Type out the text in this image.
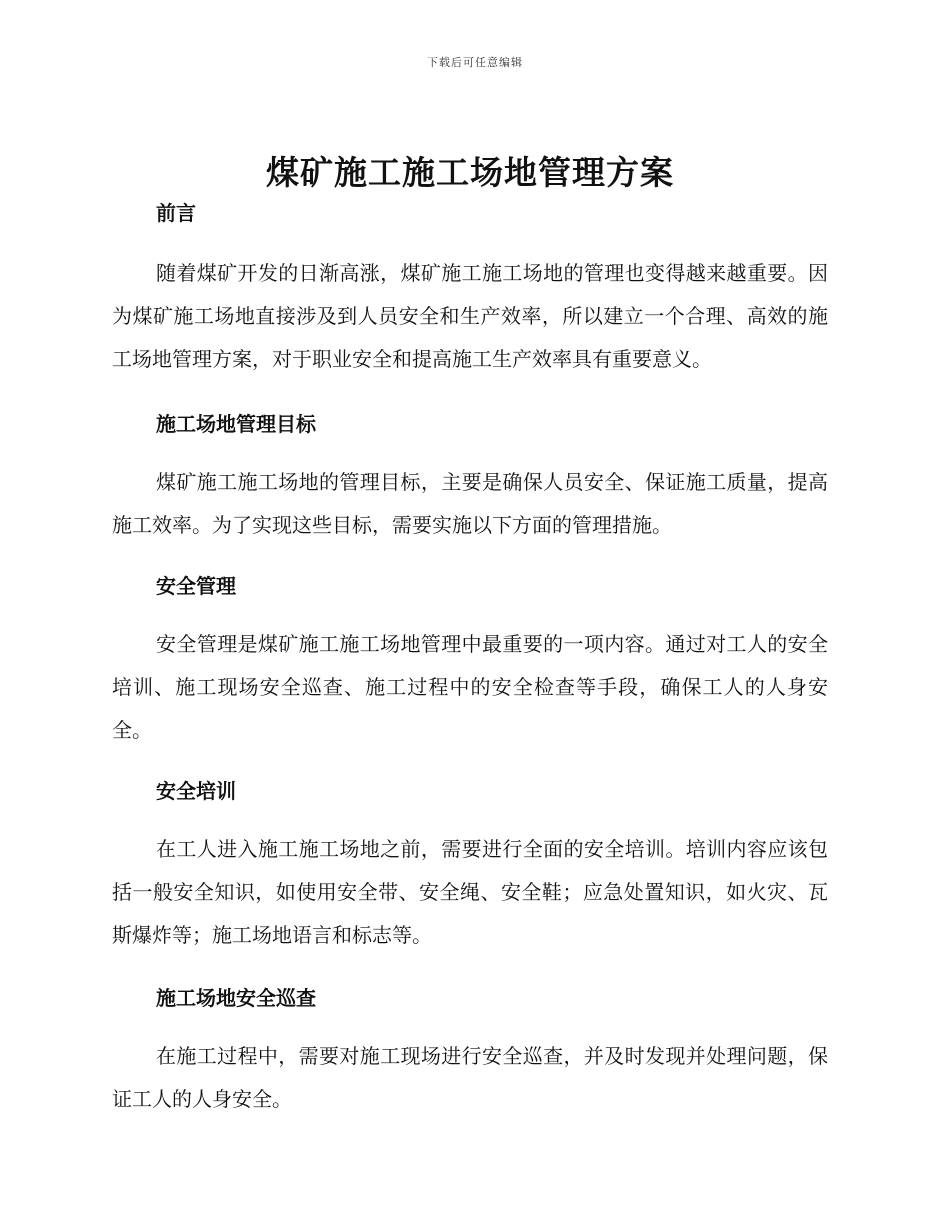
下载后可任意编辑
煤矿施工施工场地管理方案
前言

随着煤矿开发的日渐高涨，煤矿施工施工场地的管理也变得越来越重要。因为煤矿施工场地直接涉及到人员安全和生产效率，所以建立一个合理、高效的施工场地管理方案，对于职业安全和提高施工生产效率具有重要意义。

施工场地管理目标

煤矿施工施工场地的管理目标，主要是确保人员安全、保证施工质量，提高施工效率。为了实现这些目标，需要实施以下方面的管理措施。

安全管理

安全管理是煤矿施工施工场地管理中最重要的一项内容。通过对工人的安全培训、施工现场安全巡查、施工过程中的安全检查等手段，确保工人的人身安全。

安全培训

在工人进入施工施工场地之前，需要进行全面的安全培训。培训内容应该包括一般安全知识，如使用安全带、安全绳、安全鞋；应急处置知识，如火灾、瓦斯爆炸等；施工场地语言和标志等。

施工场地安全巡查

在施工过程中，需要对施工现场进行安全巡查，并及时发现并处理问题，保证工人的人身安全。
